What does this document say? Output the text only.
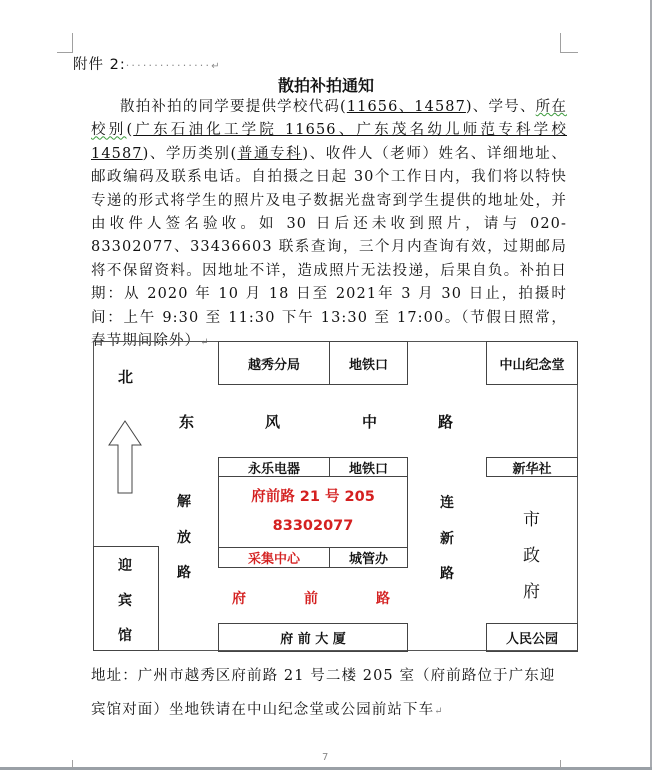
附件 2:···············↵
散拍补拍通知
散拍补拍的同学要提供学校代码(11656、14587)、学号、所在校别(广东石油化工学院 11656、广东茂名幼儿师范专科学校 14587)、学历类别(普通专科)、收件人（老师）姓名、详细地址、邮政编码及联系电话。自拍摄之日起 30个工作日内，我们将以特快专递的形式将学生的照片及电子数据光盘寄到学生提供的地址处，并由收件人签名验收。如 30 日后还未收到照片，请与 020-83302077、33436603 联系查询，三个月内查询有效，过期邮局将不保留资料。因地址不详，造成照片无法投递，后果自负。补拍日期：从 2020 年 10 月 18 日至 2021年 3 月 30 日止，拍摄时间：上午 9:30 至 11:30 下午 13:30 至 17:00。（节假日照常，春节期间除外）↵
北
越秀分局	地铁口	中山纪念堂
东	风	中	路
永乐电器	地铁口
府前路 21 号 205
83302077
采集中心	城管办
新华社
解
放
路
连
新
路
市
政
府
迎
宾
馆
府	前	路
府 前 大 厦	人民公园
地址：广州市越秀区府前路 21 号二楼 205 室（府前路位于广东迎宾馆对面）坐地铁请在中山纪念堂或公园前站下车↵
7
